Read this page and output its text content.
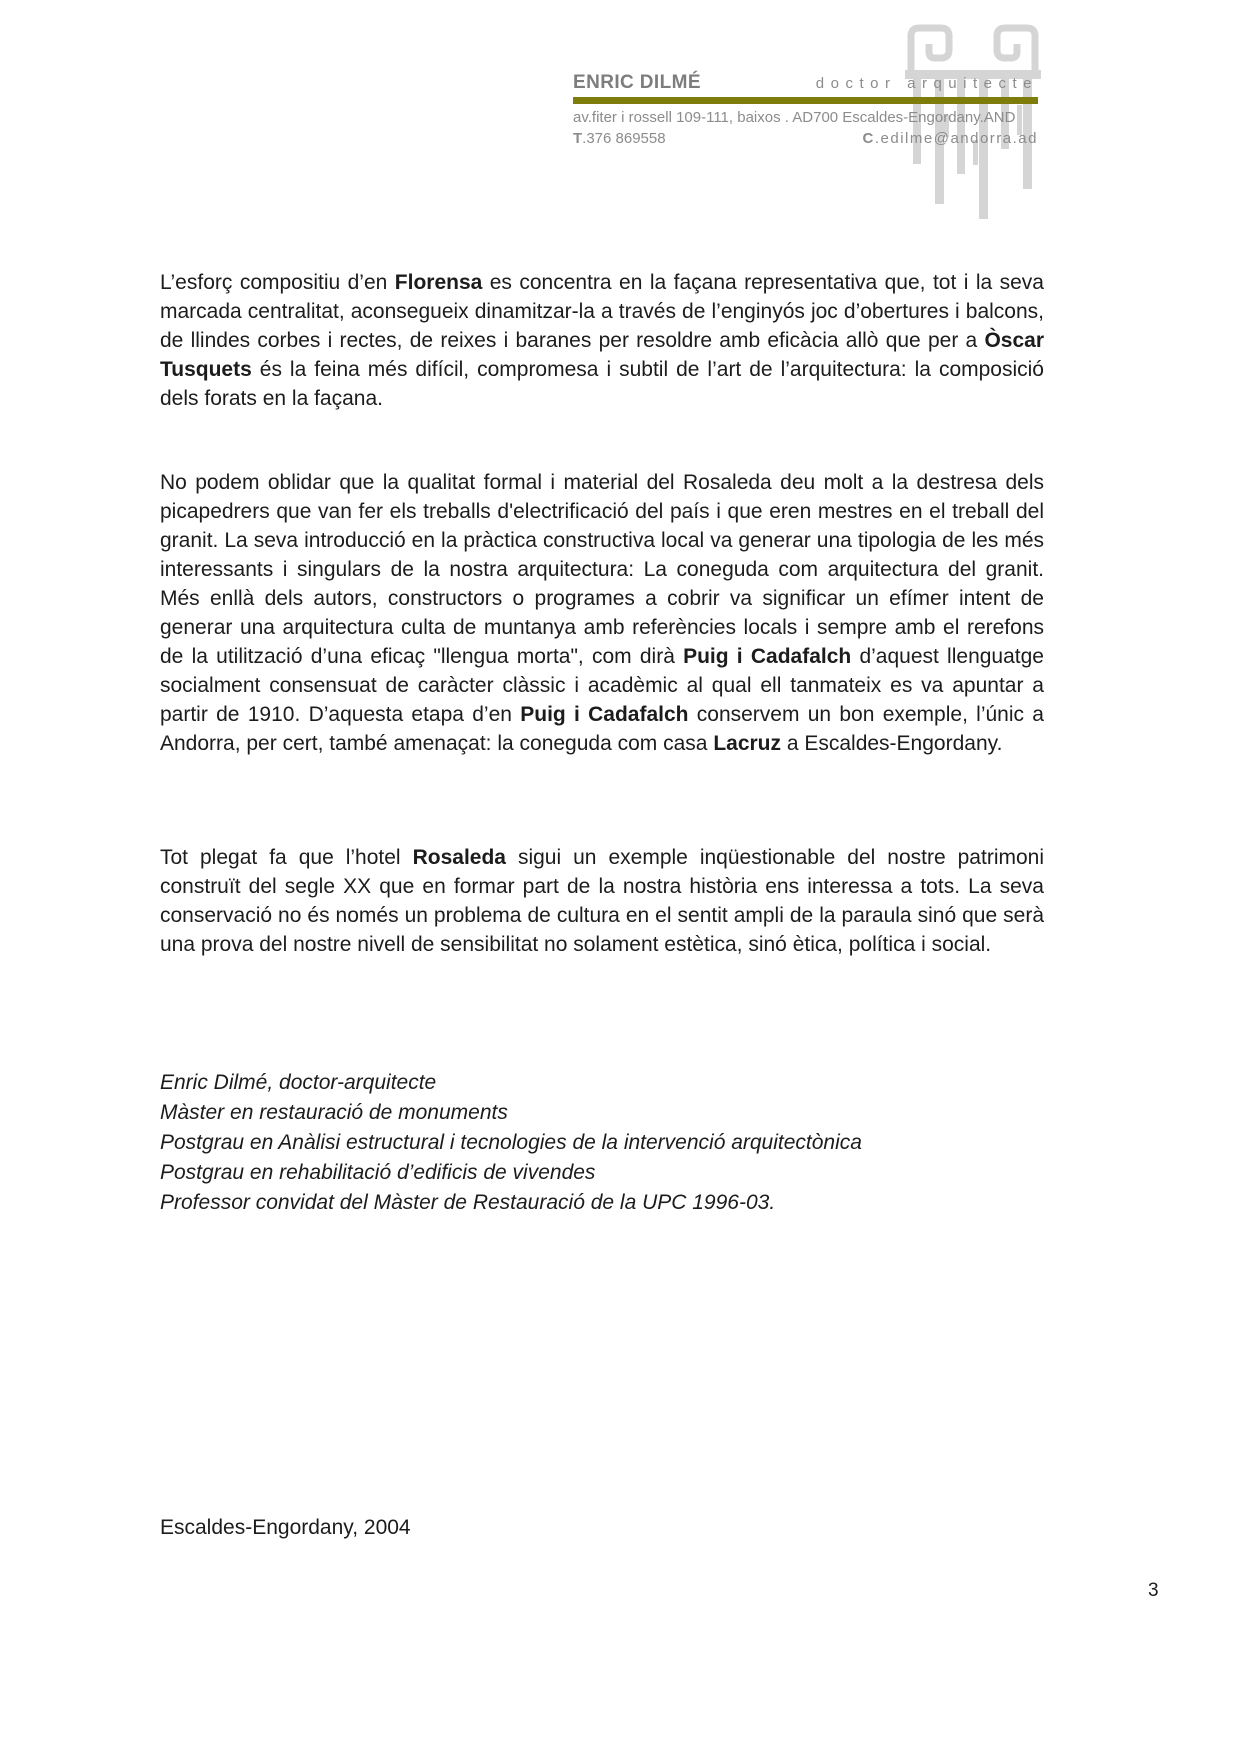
ENRIC DILMÉ	doctor arquitecte
av.fiter i rossell 109-111, baixos . AD700 Escaldes-Engordany.AND
T.376 869558	C.edilme@andorra.ad
L’esforç compositiu d’en Florensa es concentra en la façana representativa que, tot i la seva marcada centralitat, aconsegueix dinamitzar-la a través de l’enginyós joc d’obertures i balcons, de llindes corbes i rectes, de reixes i baranes per resoldre amb eficàcia allò que per a Òscar Tusquets és la feina més difícil, compromesa i subtil de l’art de l’arquitectura: la composició dels forats en la façana.
No podem oblidar que la qualitat formal i material del Rosaleda deu molt a la destresa dels picapedrers que van fer els treballs d'electrificació del país i que eren mestres en el treball del granit. La seva introducció en la pràctica constructiva local va generar una tipologia de les més interessants i singulars de la nostra arquitectura: La coneguda com arquitectura del granit. Més enllà dels autors, constructors o programes a cobrir va significar un efímer intent de generar una arquitectura culta de muntanya amb referències locals i sempre amb el rerefons de la utilització d’una eficaç "llengua morta", com dirà Puig i Cadafalch d’aquest llenguatge socialment consensuat de caràcter clàssic i acadèmic al qual ell tanmateix es va apuntar a partir de 1910. D’aquesta etapa d’en Puig i Cadafalch conservem un bon exemple, l’únic a Andorra, per cert, també amenaçat: la coneguda com casa Lacruz a Escaldes-Engordany.
Tot plegat fa que l’hotel Rosaleda sigui un exemple inqüestionable del nostre patrimoni construït del segle XX que en formar part de la nostra història ens interessa a tots. La seva conservació no és només un problema de cultura en el sentit ampli de la paraula sinó que serà una prova del nostre nivell de sensibilitat no solament estètica, sinó ètica, política i social.
Enric Dilmé, doctor-arquitecte
Màster en restauració de monuments
Postgrau en Anàlisi estructural i tecnologies de la intervenció arquitectònica
Postgrau en rehabilitació d’edificis de vivendes
Professor convidat del Màster de Restauració de la UPC 1996-03.
Escaldes-Engordany, 2004
3
